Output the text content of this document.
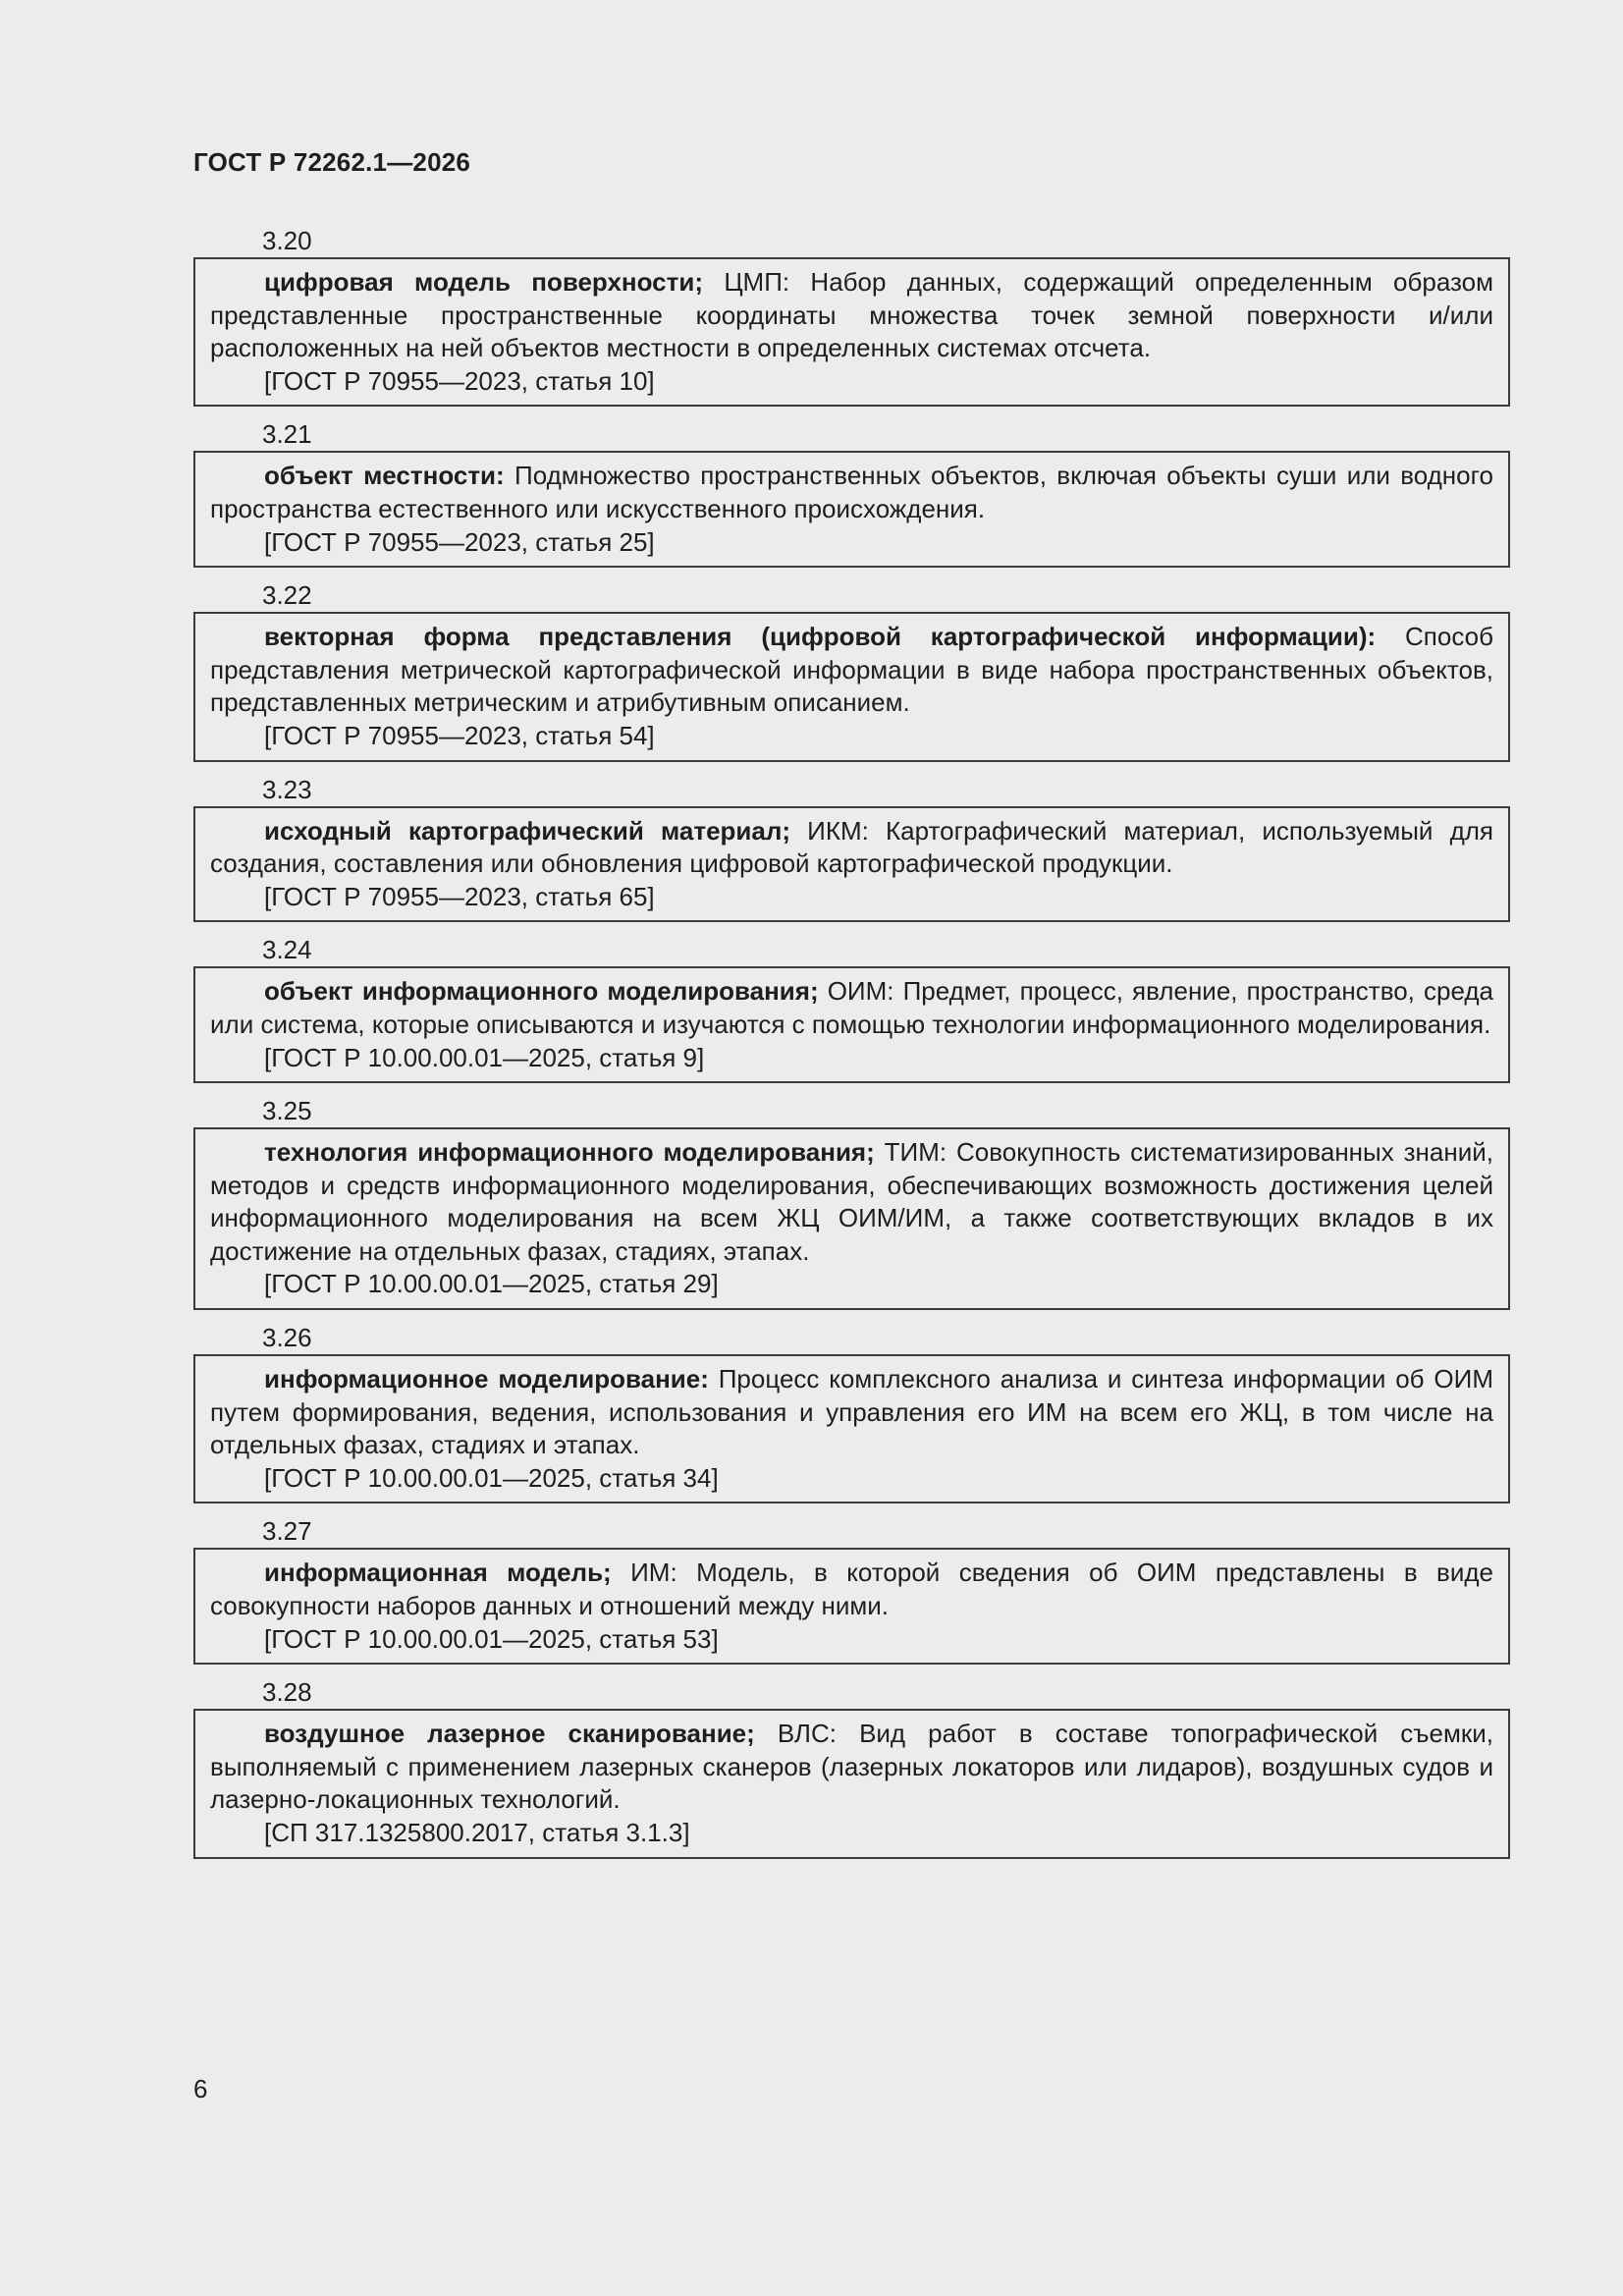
ГОСТ Р 72262.1—2026
3.20
цифровая модель поверхности; ЦМП: Набор данных, содержащий определенным образом представленные пространственные координаты множества точек земной поверхности и/или расположенных на ней объектов местности в определенных системах отсчета.
[ГОСТ Р 70955—2023, статья 10]
3.21
объект местности: Подмножество пространственных объектов, включая объекты суши или водного пространства естественного или искусственного происхождения.
[ГОСТ Р 70955—2023, статья 25]
3.22
векторная форма представления (цифровой картографической информации): Способ представления метрической картографической информации в виде набора пространственных объектов, представленных метрическим и атрибутивным описанием.
[ГОСТ Р 70955—2023, статья 54]
3.23
исходный картографический материал; ИКМ: Картографический материал, используемый для создания, составления или обновления цифровой картографической продукции.
[ГОСТ Р 70955—2023, статья 65]
3.24
объект информационного моделирования; ОИМ: Предмет, процесс, явление, пространство, среда или система, которые описываются и изучаются с помощью технологии информационного моделирования.
[ГОСТ Р 10.00.00.01—2025, статья 9]
3.25
технология информационного моделирования; ТИМ: Совокупность систематизированных знаний, методов и средств информационного моделирования, обеспечивающих возможность достижения целей информационного моделирования на всем ЖЦ ОИМ/ИМ, а также соответствующих вкладов в их достижение на отдельных фазах, стадиях, этапах.
[ГОСТ Р 10.00.00.01—2025, статья 29]
3.26
информационное моделирование: Процесс комплексного анализа и синтеза информации об ОИМ путем формирования, ведения, использования и управления его ИМ на всем его ЖЦ, в том числе на отдельных фазах, стадиях и этапах.
[ГОСТ Р 10.00.00.01—2025, статья 34]
3.27
информационная модель; ИМ: Модель, в которой сведения об ОИМ представлены в виде совокупности наборов данных и отношений между ними.
[ГОСТ Р 10.00.00.01—2025, статья 53]
3.28
воздушное лазерное сканирование; ВЛС: Вид работ в составе топографической съемки, выполняемый с применением лазерных сканеров (лазерных локаторов или лидаров), воздушных судов и лазерно-локационных технологий.
[СП 317.1325800.2017, статья 3.1.3]
6
